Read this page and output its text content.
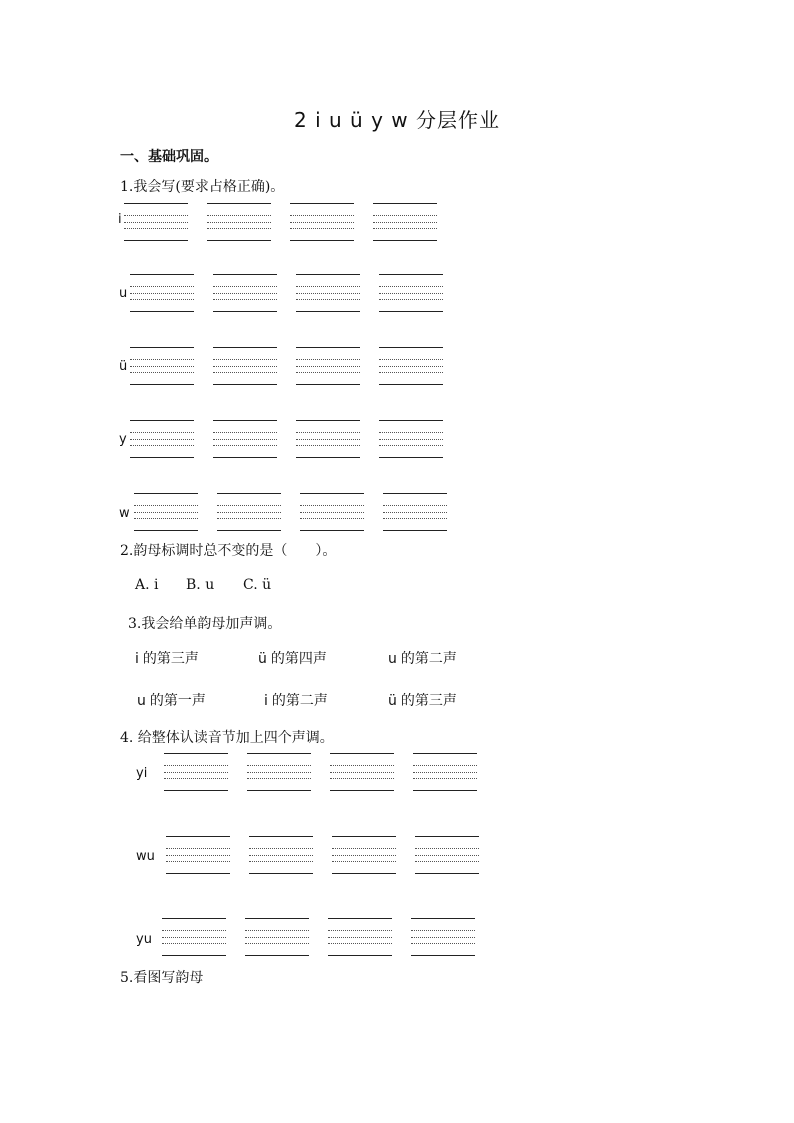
2 i u ü y w 分层作业
一、基础巩固。
1.我会写(要求占格正确)。
i
u
ü
y
w
2.韵母标调时总不变的是（　　）。
A. i B. u C. ü
3.我会给单韵母加声调。
i 的第三声	ü 的第四声	u 的第二声
u 的第一声	i 的第二声	ü 的第三声
4. 给整体认读音节加上四个声调。
yi
wu
yu
5.看图写韵母
